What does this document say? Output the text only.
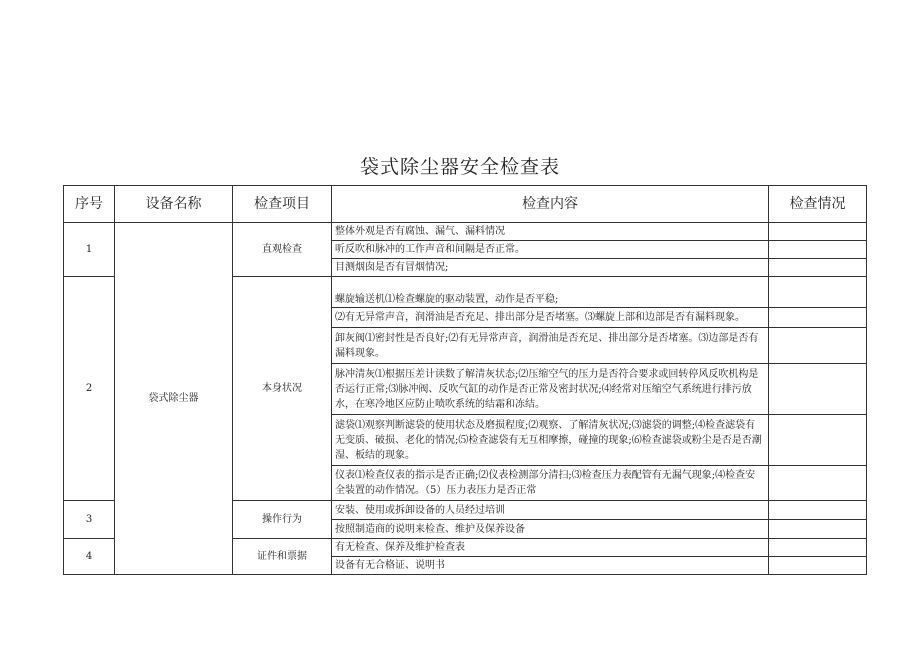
袋式除尘器安全检查表
序号	设备名称	检查项目	检查内容	检查情况
1	袋式除尘器	直观检查	整体外观是否有腐蚀、漏气、漏料情况	
			听反吹和脉冲的工作声音和间隔是否正常。	
			目测烟囱是否有冒烟情况;	
2		本身状况	螺旋输送机⑴检查螺旋的驱动装置，动作是否平稳;	
			⑵有无异常声音，润滑油是否充足、排出部分是否堵塞。⑶螺旋上部和边部是否有漏料现象。	
			卸灰阀⑴密封性是否良好;⑵有无异常声音，润滑油是否充足、排出部分是否堵塞。⑶边部是否有漏料现象。	
			脉冲清灰⑴根据压差计读数了解清灰状态;⑵压缩空气的压力是否符合要求或回转停风反吹机构是否运行正常;⑶脉冲阀、反吹气缸的动作是否正常及密封状况;⑷经常对压缩空气系统进行排污放水，在寒冷地区应防止喷吹系统的结霜和冻结。	
			滤袋⑴观察判断滤袋的使用状态及磨损程度;⑵观察、了解清灰状况;⑶滤袋的调整;⑷检查滤袋有无变质、破损、老化的情况;⑸检查滤袋有无互相摩擦，碰撞的现象;⑹检查滤袋或粉尘是否是否潮湿、板结的现象。	
			仪表⑴检查仪表的指示是否正确;⑵仪表检测部分清扫;⑶检查压力表配管有无漏气现象;⑷检查安全装置的动作情况。（5）压力表压力是否正常	
3		操作行为	安装、使用或拆卸设备的人员经过培训	
			按照制造商的说明来检查、维护及保养设备	
4		证件和票据	有无检查、保养及维护检查表	
			设备有无合格证、说明书	
